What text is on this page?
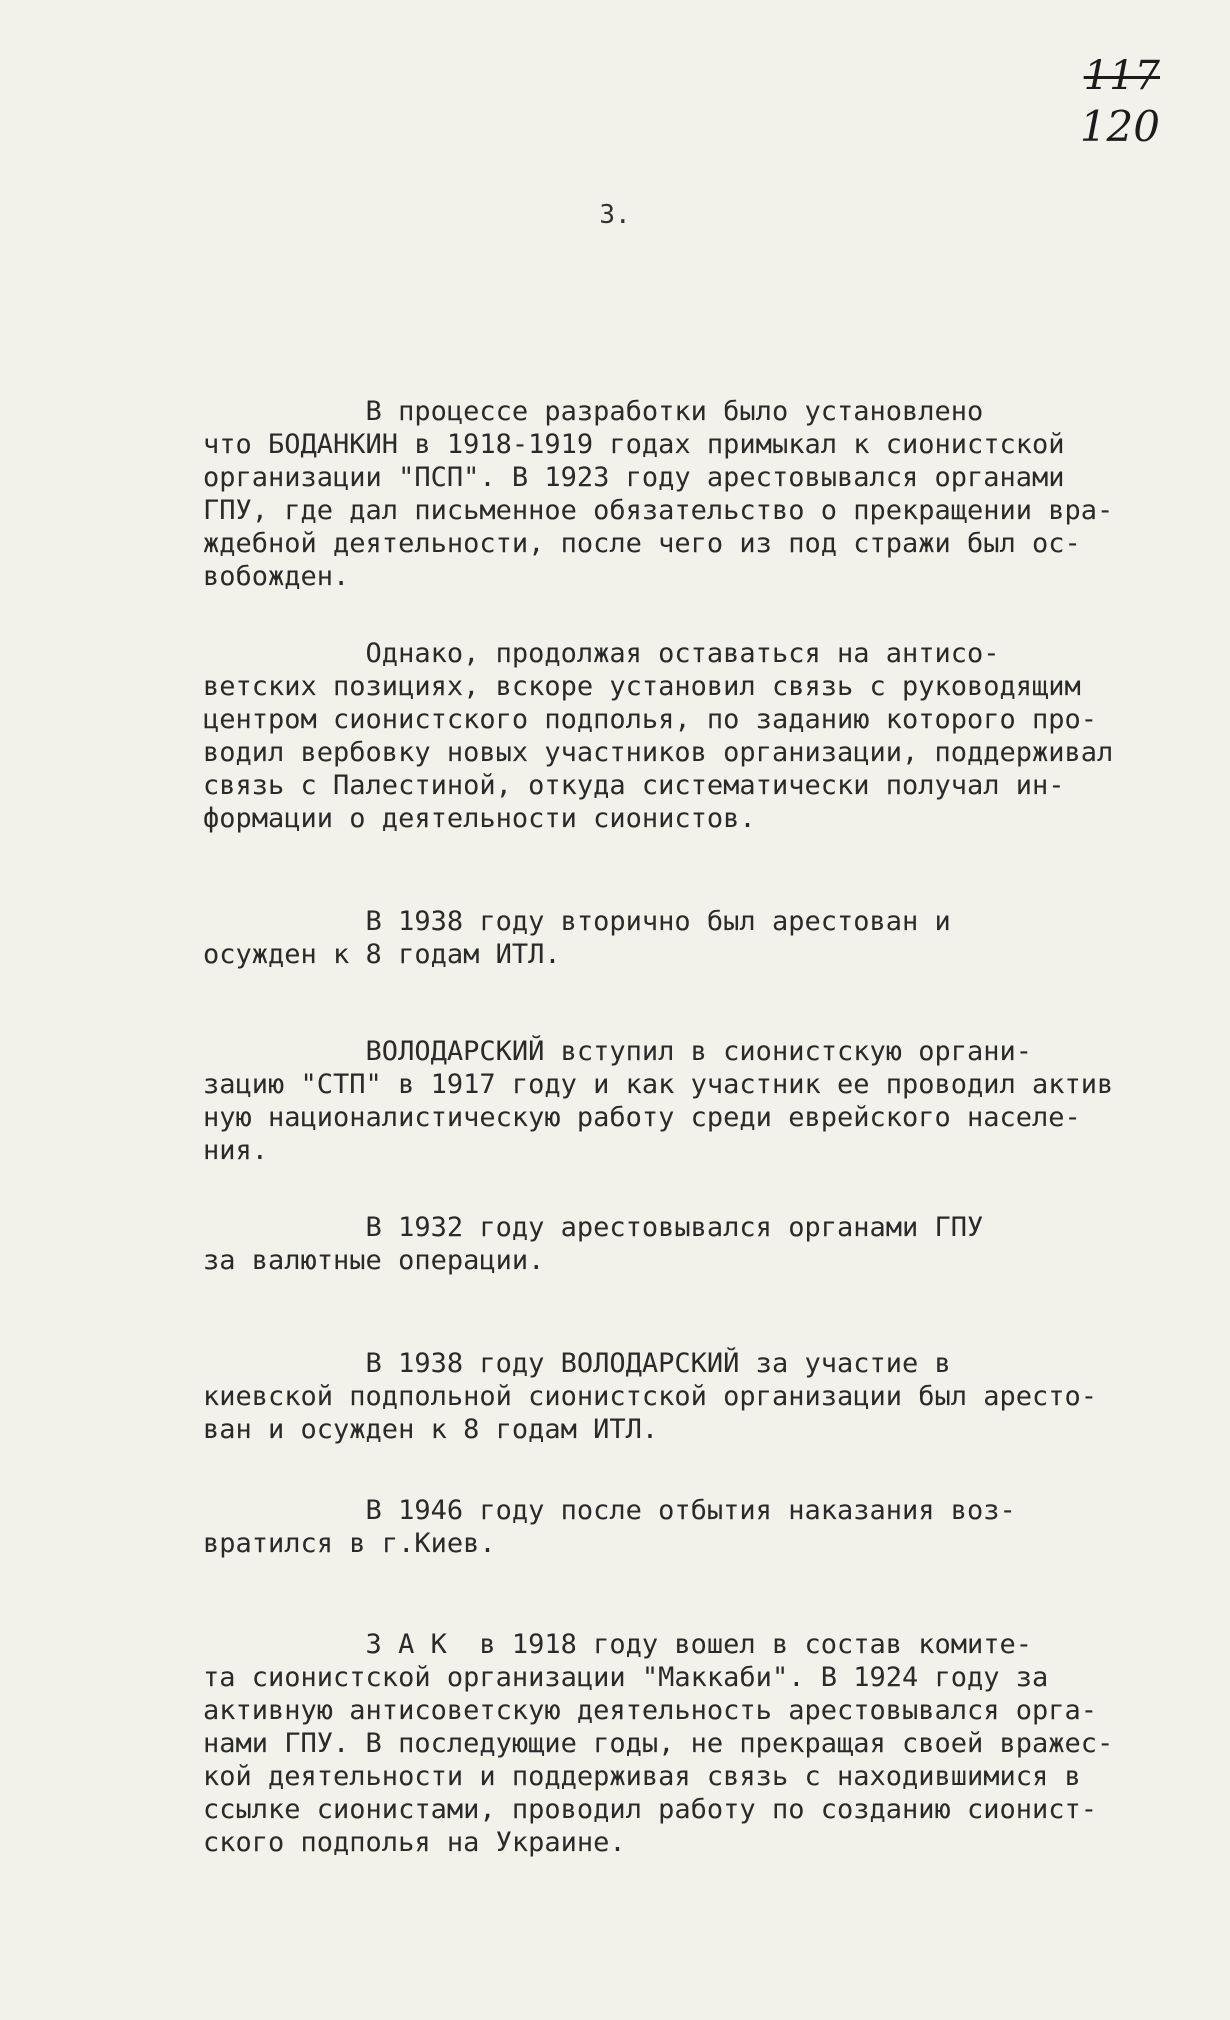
117
120
3.
В процессе разработки было установлено
что БОДАНКИН в 1918-1919 годах примыкал к сионистской
организации "ПСП". В 1923 году арестовывался органами
ГПУ, где дал письменное обязательство о прекращении вра-
ждебной деятельности, после чего из под стражи был ос-
вобожден.
Однако, продолжая оставаться на антисо-
ветских позициях, вскоре установил связь с руководящим
центром сионистского подполья, по заданию которого про-
водил вербовку новых участников организации, поддерживал
связь с Палестиной, откуда систематически получал ин-
формации о деятельности сионистов.
В 1938 году вторично был арестован и
осужден к 8 годам ИТЛ.
ВОЛОДАРСКИЙ вступил в сионистскую органи-
зацию "СТП" в 1917 году и как участник ее проводил актив
ную националистическую работу среди еврейского населе-
ния.
В 1932 году арестовывался органами ГПУ
за валютные операции.
В 1938 году ВОЛОДАРСКИЙ за участие в
киевской подпольной сионистской организации был аресто-
ван и осужден к 8 годам ИТЛ.
В 1946 году после отбытия наказания воз-
вратился в г.Киев.
З А К  в 1918 году вошел в состав комите-
та сионистской организации "Маккаби". В 1924 году за
активную антисоветскую деятельность арестовывался орга-
нами ГПУ. В последующие годы, не прекращая своей вражес-
кой деятельности и поддерживая связь с находившимися в
ссылке сионистами, проводил работу по созданию сионист-
ского подполья на Украине.
